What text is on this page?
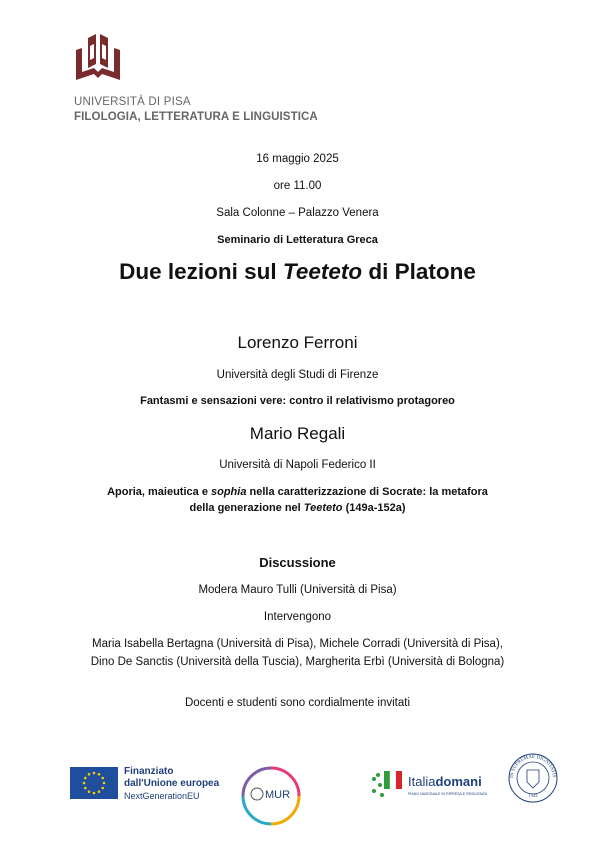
UNIVERSITÀ DI PISA
FILOLOGIA, LETTERATURA E LINGUISTICA
16 maggio 2025
ore 11.00
Sala Colonne – Palazzo Venera
Seminario di Letteratura Greca
Due lezioni sul Teeteto di Platone
Lorenzo Ferroni
Università degli Studi di Firenze
Fantasmi e sensazioni vere: contro il relativismo protagoreo
Mario Regali
Università di Napoli Federico II
Aporia, maieutica e sophia nella caratterizzazione di Socrate: la metafora
della generazione nel Teeteto (149a-152a)
Discussione
Modera Mauro Tulli (Università di Pisa)
Intervengono
Maria Isabella Bertagna (Università di Pisa), Michele Corradi (Università di Pisa),
Dino De Sanctis (Università della Tuscia), Margherita Erbì (Università di Bologna)
Docenti e studenti sono cordialmente invitati
Finanziato
dall'Unione europea
NextGenerationEU	MUR
Italiadomani
PIANO NAZIONALE DI RIPRESA E RESILIENZA
IN SUPREMAE DIGNITATIS
1343
